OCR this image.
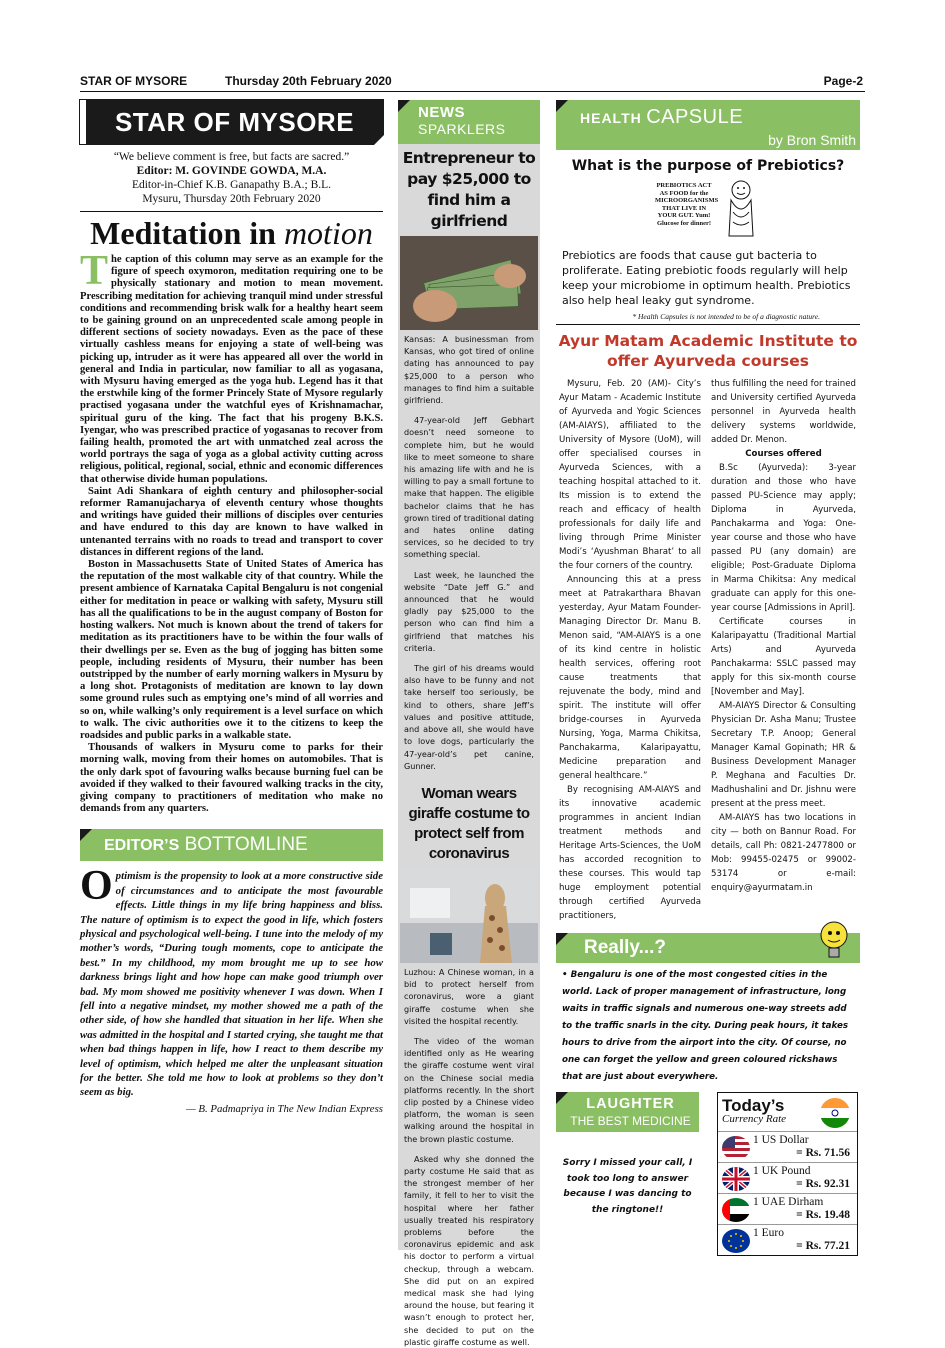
STAR OF MYSORE	Thursday 20th February 2020	Page-2
STAR OF MYSORE
“We believe comment is free, but facts are sacred.”
Editor: M. GOVINDE GOWDA, M.A.
Editor-in-Chief K.B. Ganapathy B.A.; B.L.
Mysuru, Thursday 20th February 2020
Meditation in motion

The caption of this column may serve as an example for the figure of speech oxymoron, meditation requiring one to be physically stationary and motion to mean movement. Prescribing meditation for achieving tranquil mind under stressful conditions and recommending brisk walk for a healthy heart seem to be gaining ground on an unprecedented scale among people in different sections of society nowadays. Even as the pace of these virtually cashless means for enjoying a state of well-being was picking up, intruder as it were has appeared all over the world in general and India in particular, now familiar to all as yogasana, with Mysuru having emerged as the yoga hub. Legend has it that the erstwhile king of the former Princely State of Mysore regularly practised yogasana under the watchful eyes of Krishnamachar, spiritual guru of the king. The fact that his progeny B.K.S. Iyengar, who was prescribed practice of yogasanas to recover from failing health, promoted the art with unmatched zeal across the world portrays the saga of yoga as a global activity cutting across religious, political, regional, social, ethnic and economic differences that otherwise divide human populations.

Saint Adi Shankara of eighth century and philosopher-social reformer Ramanujacharya of eleventh century whose thoughts and writings have guided their millions of disciples over centuries and have endured to this day are known to have walked in untenanted terrains with no roads to tread and transport to cover distances in different regions of the land.

Boston in Massachusetts State of United States of America has the reputation of the most walkable city of that country. While the present ambience of Karnataka Capital Bengaluru is not congenial either for meditation in peace or walking with safety, Mysuru still has all the qualifications to be in the august company of Boston for hosting walkers. Not much is known about the trend of takers for meditation as its practitioners have to be within the four walls of their dwellings per se. Even as the bug of jogging has bitten some people, including residents of Mysuru, their number has been outstripped by the number of early morning walkers in Mysuru by a long shot. Protagonists of meditation are known to lay down some ground rules such as emptying one’s mind of all worries and so on, while walking’s only requirement is a level surface on which to walk. The civic authorities owe it to the citizens to keep the roadsides and public parks in a walkable state.

Thousands of walkers in Mysuru come to parks for their morning walk, moving from their homes on automobiles. That is the only dark spot of favouring walks because burning fuel can be avoided if they walked to their favoured walking tracks in the city, giving company to practitioners of meditation who make no demands from any quarters.

EDITOR’S BOTTOMLINE
Optimism is the propensity to look at a more constructive side of circumstances and to anticipate the most favourable effects. Little things in my life bring happiness and bliss. The nature of optimism is to expect the good in life, which fosters physical and psychological well-being. I tune into the melody of my mother’s words, “During tough moments, cope to anticipate the best.” In my childhood, my mom brought me up to see how darkness brings light and how hope can make good triumph over bad. My mom showed me positivity whenever I was down. When I fell into a negative mindset, my mother showed me a path of the other side, of how she handled that situation in her life. When she was admitted in the hospital and I started crying, she taught me that when bad things happen in life, how I react to them describe my level of optimism, which helped me alter the unpleasant situation for the better. She told me how to look at problems so they don’t seem as big.
— B. Padmapriya in The New Indian Express
NEWS
SPARKLERS
Entrepreneur to pay $25,000 to find him a girlfriend

Kansas: A businessman from Kansas, who got tired of online dating has announced to pay $25,000 to a person who manages to find him a suitable girlfriend.

47-year-old Jeff Gebhart doesn’t need someone to complete him, but he would like to meet someone to share his amazing life with and he is willing to pay a small fortune to make that happen. The eligible bachelor claims that he has grown tired of traditional dating and hates online dating services, so he decided to try something special.

Last week, he launched the website “Date Jeff G.” and announced that he would gladly pay $25,000 to the person who can find him a girlfriend that matches his criteria.

The girl of his dreams would also have to be funny and not take herself too seriously, be kind to others, share Jeff’s values and positive attitude, and above all, she would have to love dogs, particularly the 47-year-old’s pet canine, Gunner.

Woman wears giraffe costume to protect self from coronavirus

Luzhou: A Chinese woman, in a bid to protect herself from coronavirus, wore a giant giraffe costume when she visited the hospital recently.

The video of the woman identified only as He wearing the giraffe costume went viral on the Chinese social media platforms recently. In the short clip posted by a Chinese video platform, the woman is seen walking around the hospital in the brown plastic costume.

Asked why she donned the party costume He said that as the strongest member of her family, it fell to her to visit the hospital where her father usually treated his respiratory problems before the coronavirus epidemic and ask his doctor to perform a virtual checkup, through a webcam. She did put on an expired medical mask she had lying around the house, but fearing it wasn’t enough to protect her, she decided to put on the plastic giraffe costume as well.

HEALTH CAPSULE
by Bron Smith
What is the purpose of Prebiotics?
PREBIOTICS ACT AS FOOD for the MICROORGANISMS THAT LIVE IN YOUR GUT. Yum! Glucose for dinner!
Prebiotics are foods that cause gut bacteria to proliferate. Eating prebiotic foods regularly will help keep your microbiome in optimum health. Prebiotics also help heal leaky gut syndrome.
* Health Capsules is not intended to be of a diagnostic nature.
Ayur Matam Academic Institute to offer Ayurveda courses

Mysuru, Feb. 20 (AM)- City’s Ayur Matam - Academic Institute of Ayurveda and Yogic Sciences (AM-AIAYS), affiliated to the University of Mysore (UoM), will offer specialised courses in Ayurveda Sciences, with a teaching hospital attached to it. Its mission is to extend the reach and efficacy of health professionals for daily life and living through Prime Minister Modi’s ‘Ayushman Bharat’ to all the four corners of the country.

Announcing this at a press meet at Patrakarthara Bhavan yesterday, Ayur Matam Founder-Managing Director Dr. Manu B. Menon said, “AM-AIAYS is a one of its kind centre in holistic health services, offering root cause treatments that rejuvenate the body, mind and spirit. The institute will offer bridge-courses in Ayurveda Nursing, Yoga, Marma Chikitsa, Panchakarma, Kalaripayattu, Medicine preparation and general healthcare.”

By recognising AM-AIAYS and its innovative academic programmes in ancient Indian treatment methods and Heritage Arts-Sciences, the UoM has accorded recognition to these courses. This would tap huge employment potential through certified Ayurveda practitioners,

thus fulfilling the need for trained and University certified Ayurveda personnel in Ayurveda health delivery systems worldwide, added Dr. Menon.

Courses offered

B.Sc (Ayurveda): 3-year duration and those who have passed PU-Science may apply; Diploma in Ayurveda, Panchakarma and Yoga: One-year course and those who have passed PU (any domain) are eligible; Post-Graduate Diploma in Marma Chikitsa: Any medical graduate can apply for this one-year course [Admissions in April].

Certificate courses in Kalaripayattu (Traditional Martial Arts) and Ayurveda Panchakarma: SSLC passed may apply for this six-month course [November and May].

AM-AIAYS Director & Consulting Physician Dr. Asha Manu; Trustee Secretary T.P. Anoop; General Manager Kamal Gopinath; HR & Business Development Manager P. Meghana and Faculties Dr. Madhushalini and Dr. Jishnu were present at the press meet.

AM-AIAYS has two locations in city — both on Bannur Road. For details, call Ph: 0821-2477800 or Mob: 99455-02475 or 99002-53174 or e-mail: enquiry@ayurmatam.in

Really...?
• Bengaluru is one of the most congested cities in the world. Lack of proper management of infrastructure, long waits in traffic signals and numerous one-way streets add to the traffic snarls in the city. During peak hours, it takes hours to drive from the airport into the city. Of course, no one can forget the yellow and green coloured rickshaws that are just about everywhere.
LAUGHTER
THE BEST MEDICINE
Sorry I missed your call, I took too long to answer because I was dancing to the ringtone!!
Today’s
Currency Rate
1 US Dollar
= Rs. 71.56
1 UK Pound
= Rs. 92.31
1 UAE Dirham
= Rs. 19.48
1 Euro
= Rs. 77.21
